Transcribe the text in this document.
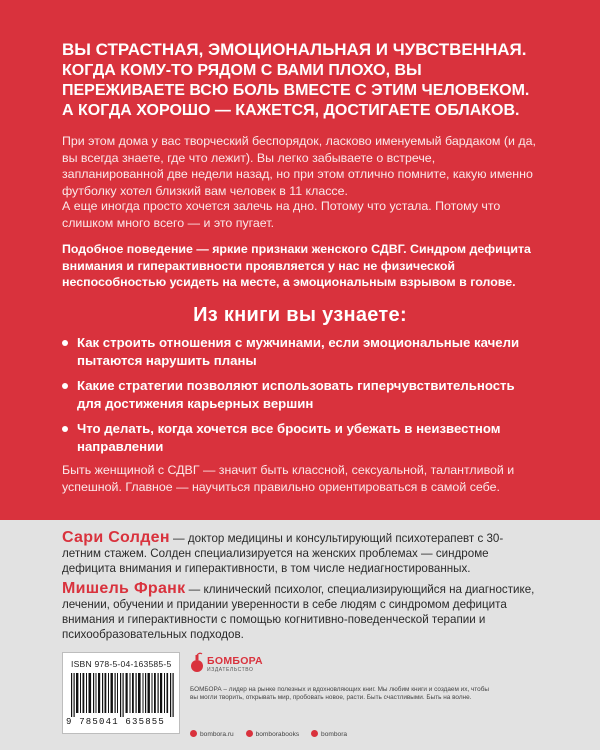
ВЫ СТРАСТНАЯ, ЭМОЦИОНАЛЬНАЯ И ЧУВСТВЕННАЯ.
КОГДА КОМУ-ТО РЯДОМ С ВАМИ ПЛОХО, ВЫ ПЕРЕЖИВАЕТЕ ВСЮ БОЛЬ ВМЕСТЕ С ЭТИМ ЧЕЛОВЕКОМ. А КОГДА ХОРОШО — КАЖЕТСЯ, ДОСТИГАЕТЕ ОБЛАКОВ.

При этом дома у вас творческий беспорядок, ласково именуемый бардаком (и да, вы всегда знаете, где что лежит). Вы легко забываете о встрече, запланированной две недели назад, но при этом отлично помните, какую именно футболку хотел близкий вам человек в 11 классе.

А еще иногда просто хочется залечь на дно. Потому что устала. Потому что слишком много всего — и это пугает.

Подобное поведение — яркие признаки женского СДВГ. Синдром дефицита внимания и гиперактивности проявляется у нас не физической неспособностью усидеть на месте, а эмоциональным взрывом в голове.

Из книги вы узнаете:
Как строить отношения с мужчинами, если эмоциональные качели пытаются нарушить планы
Какие стратегии позволяют использовать гиперчувствительность для достижения карьерных вершин
Что делать, когда хочется все бросить и убежать в неизвестном направлении

Быть женщиной с СДВГ — значит быть классной, сексуальной, талантливой и успешной. Главное — научиться правильно ориентироваться в самой себе.

Сари Солден — доктор медицины и консультирующий психотерапевт с 30-летним стажем. Солден специализируется на женских проблемах — синдроме дефицита внимания и гиперактивности, в том числе недиагностированных.
Мишель Франк — клинический психолог, специализирующийся на диагностике, лечении, обучении и придании уверенности в себе людям с синдромом дефицита внимания и гиперактивности с помощью когнитивно-поведенческой терапии и психообразовательных подходов.
ISBN 978-5-04-163585-5
9 785041 635855
БОМБОРА
ИЗДАТЕЛЬСТВО
БОМБОРА – лидер на рынке полезных и вдохновляющих книг. Мы любим книги и создаем их, чтобы вы могли творить, открывать мир, пробовать новое, расти. Быть счастливыми. Быть на волне.
bombora.ru	bomborabooks	bombora
